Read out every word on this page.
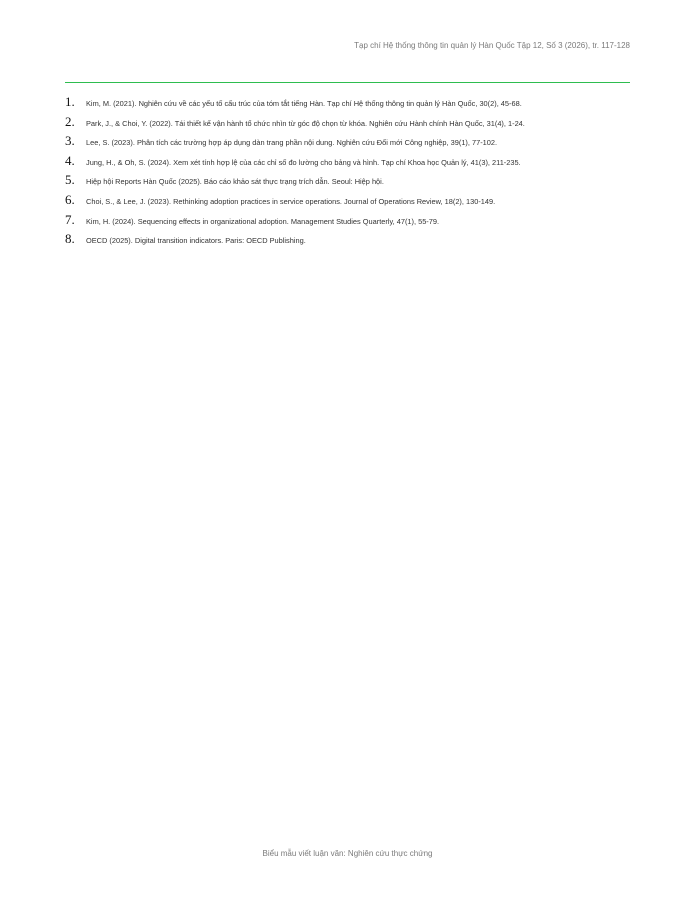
Tạp chí Hệ thống thông tin quản lý Hàn Quốc Tập 12, Số 3 (2026), tr. 117-128
1.	Kim, M. (2021). Nghiên cứu về các yếu tố cấu trúc của tóm tắt tiếng Hàn. Tạp chí Hệ thống thông tin quản lý Hàn Quốc, 30(2), 45-68.
2.	Park, J., & Choi, Y. (2022). Tái thiết kế vận hành tổ chức nhìn từ góc độ chọn từ khóa. Nghiên cứu Hành chính Hàn Quốc, 31(4), 1-24.
3.	Lee, S. (2023). Phân tích các trường hợp áp dụng dàn trang phần nội dung. Nghiên cứu Đổi mới Công nghiệp, 39(1), 77-102.
4.	Jung, H., & Oh, S. (2024). Xem xét tính hợp lệ của các chỉ số đo lường cho bảng và hình. Tạp chí Khoa học Quản lý, 41(3), 211-235.
5.	Hiệp hội Reports Hàn Quốc (2025). Báo cáo khảo sát thực trạng trích dẫn. Seoul: Hiệp hội.
6.	Choi, S., & Lee, J. (2023). Rethinking adoption practices in service operations. Journal of Operations Review, 18(2), 130-149.
7.	Kim, H. (2024). Sequencing effects in organizational adoption. Management Studies Quarterly, 47(1), 55-79.
8.	OECD (2025). Digital transition indicators. Paris: OECD Publishing.
Biểu mẫu viết luận văn: Nghiên cứu thực chứng
